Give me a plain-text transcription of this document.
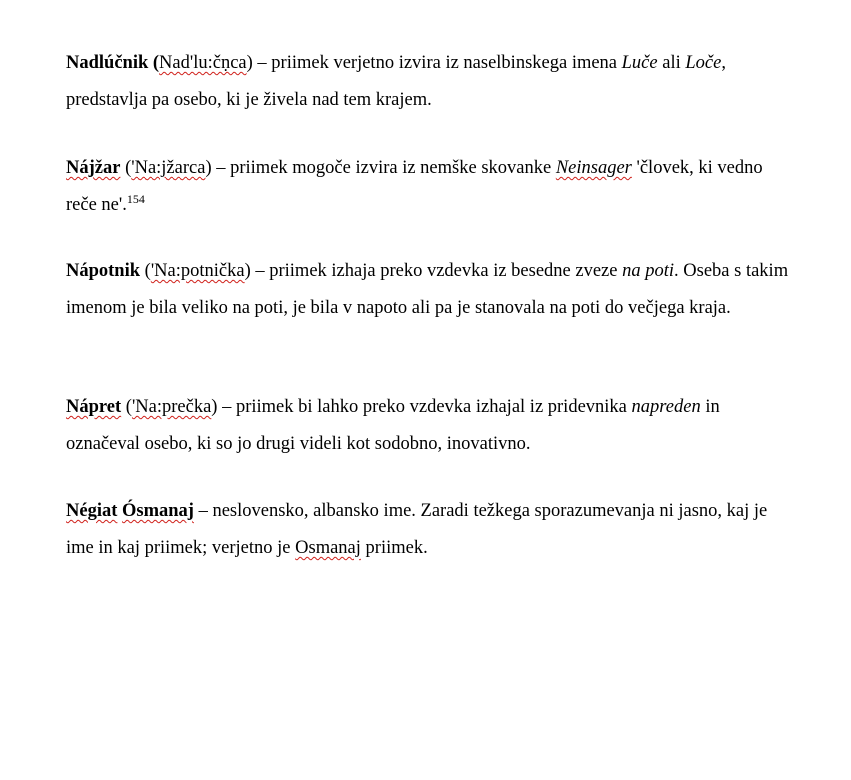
Nadlúčnik (Nad'lu:čṇca) – priimek verjetno izvira iz naselbinskega imena Luče ali Loče, predstavlja pa osebo, ki je živela nad tem krajem.
Nájžar ('Na:jžarca) – priimek mogoče izvira iz nemške skovanke Neinsager 'človek, ki vedno reče ne'.$^{154}$
Nápotnik ('Na:potnička) – priimek izhaja preko vzdevka iz besedne zveze na poti. Oseba s takim imenom je bila veliko na poti, je bila v napoto ali pa je stanovala na poti do večjega kraja.
Nápret ('Na:prečka) – priimek bi lahko preko vzdevka izhajal iz pridevnika napreden in označeval osebo, ki so jo drugi videli kot sodobno, inovativno.
Négiat Ósmanaj – neslovensko, albansko ime. Zaradi težkega sporazumevanja ni jasno, kaj je ime in kaj priimek; verjetno je Osmanaj priimek.
